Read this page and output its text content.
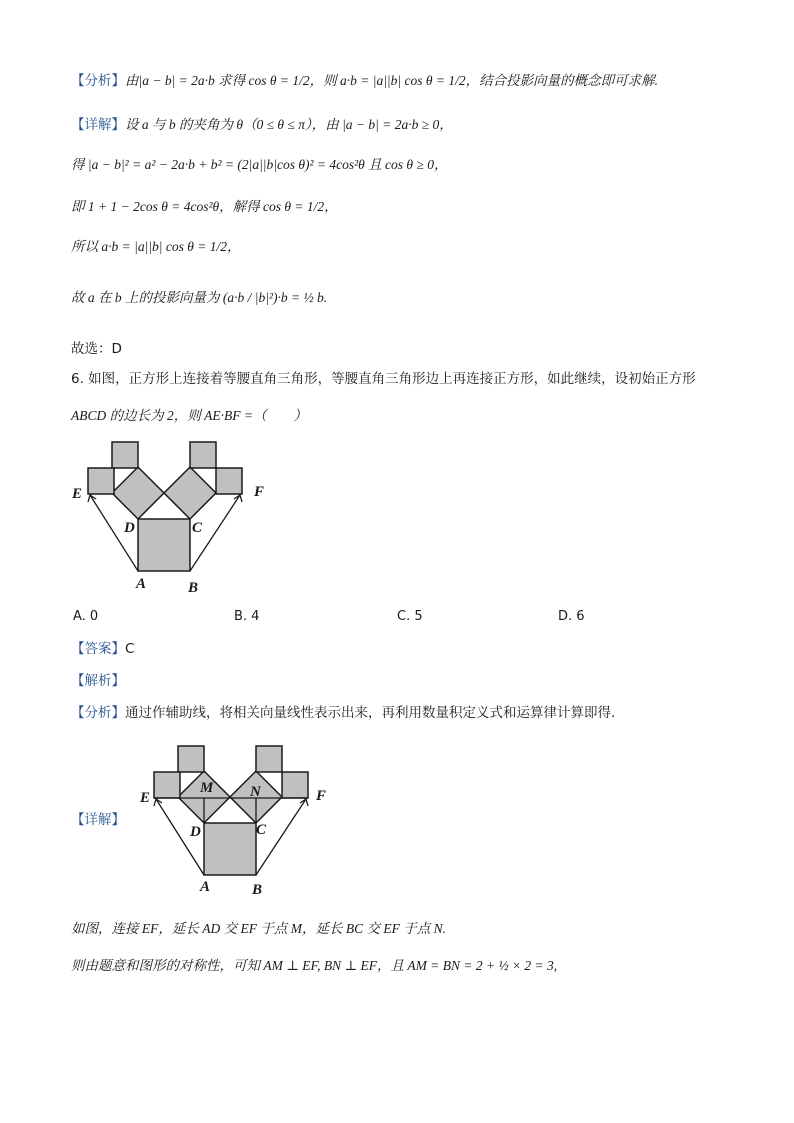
【分析】由|a − b| = 2a·b 求得 cos θ = 1/2，则 a·b = |a||b| cos θ = 1/2，结合投影向量的概念即可求解.
【详解】设 a 与 b 的夹角为 θ（0 ≤ θ ≤ π），由 |a − b| = 2a·b ≥ 0，
得 |a − b|² = a² − 2a·b + b² = (2|a||b|cos θ)² = 4cos²θ 且 cos θ ≥ 0，
即 1 + 1 − 2cos θ = 4cos²θ，解得 cos θ = 1/2，
所以 a·b = |a||b| cos θ = 1/2，
故 a 在 b 上的投影向量为 (a·b / |b|²)·b = ½ b.
故选：D
6. 如图，正方形上连接着等腰直角三角形，等腰直角三角形边上再连接正方形，如此继续，设初始正方形
ABCD 的边长为 2，则 AE·BF =（　　）
E	F
D	C
A	B
A. 0	B. 4	C. 5	D. 6
【答案】C
【解析】
【分析】通过作辅助线，将相关向量线性表示出来，再利用数量积定义式和运算律计算即得.
【详解】
E	F
M N
D	C
A	B
如图，连接 EF，延长 AD 交 EF 于点 M，延长 BC 交 EF 于点 N.
则由题意和图形的对称性，可知 AM ⊥ EF, BN ⊥ EF，且 AM = BN = 2 + ½ × 2 = 3,
